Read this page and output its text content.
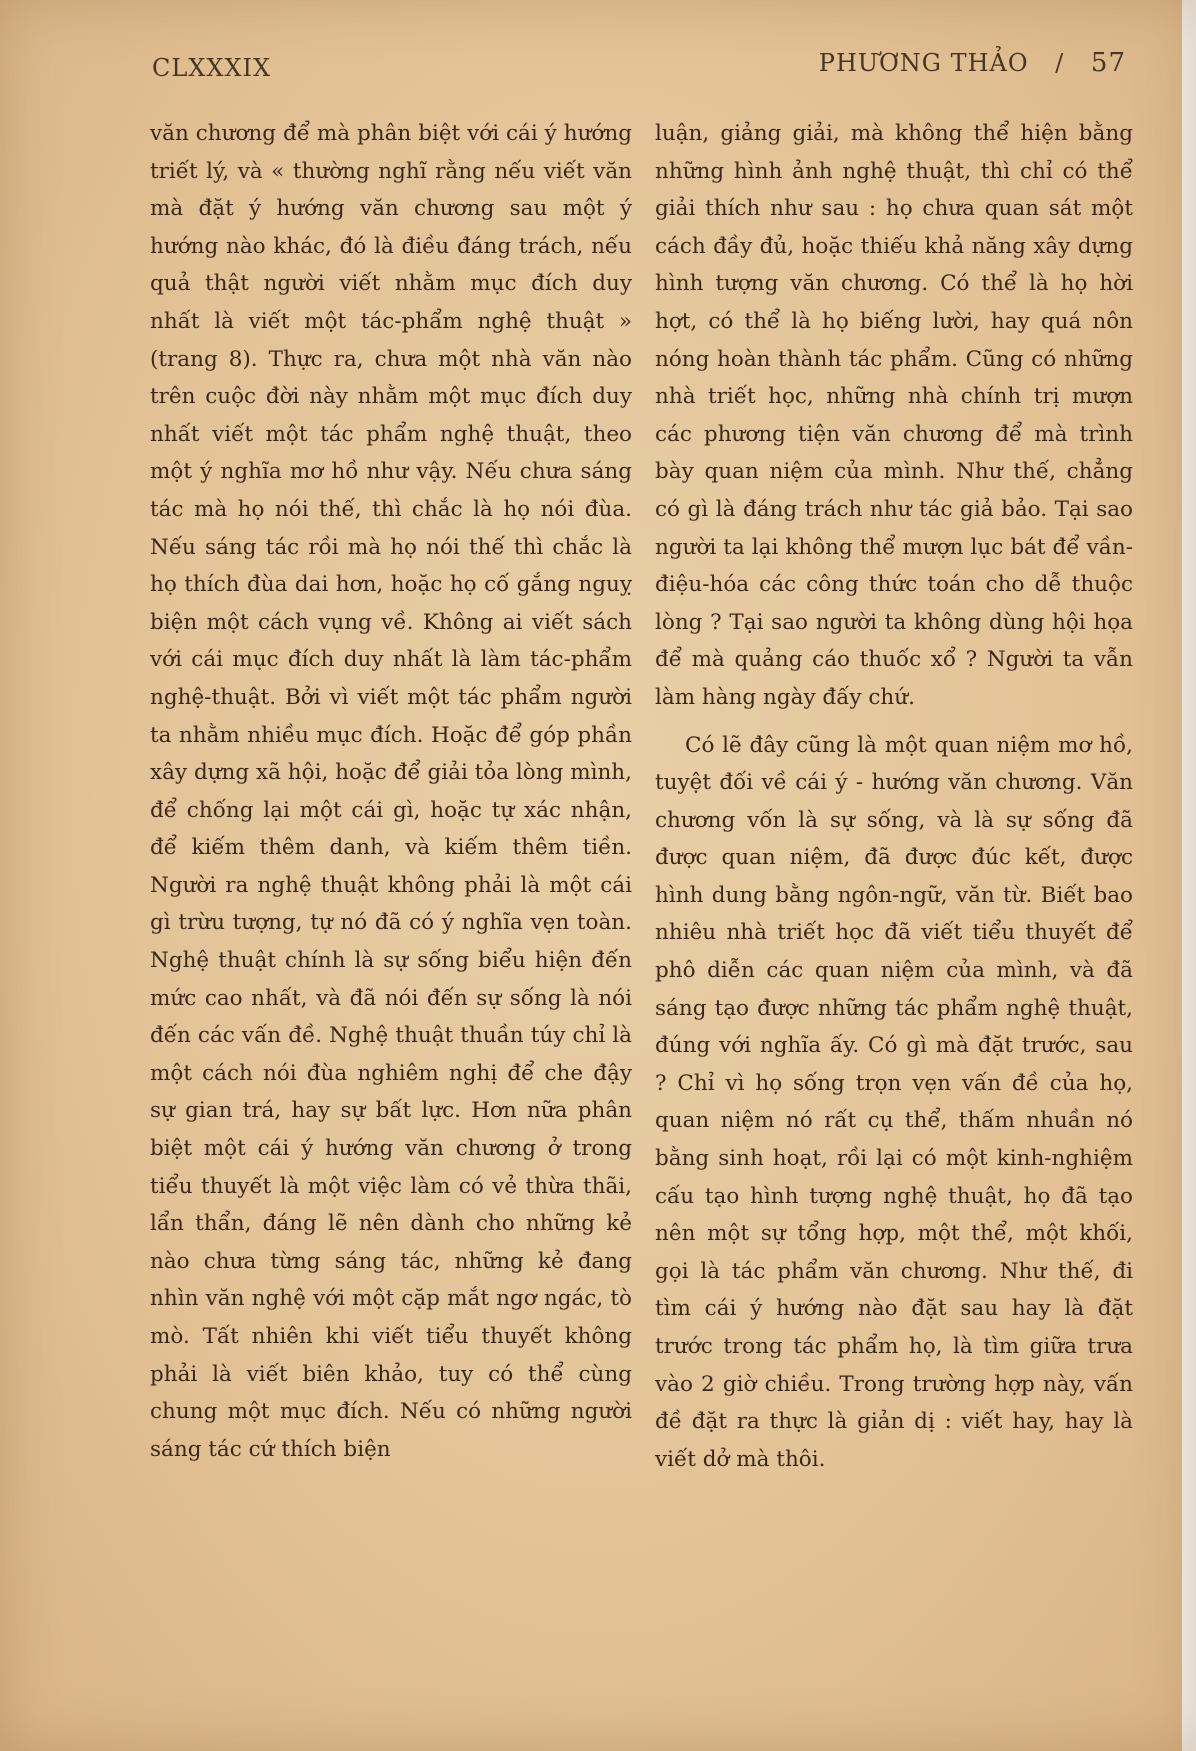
CLXXXIX	PHƯƠNG THẢO / 57

văn chương để mà phân biệt với cái ý hướng triết lý, và « thường nghĩ rằng nếu viết văn mà đặt ý hướng văn chương sau một ý hướng nào khác, đó là điều đáng trách, nếu quả thật người viết nhằm mục đích duy nhất là viết một tác-phẩm nghệ thuật » (trang 8). Thực ra, chưa một nhà văn nào trên cuộc đời này nhằm một mục đích duy nhất viết một tác phẩm nghệ thuật, theo một ý nghĩa mơ hồ như vậy. Nếu chưa sáng tác mà họ nói thế, thì chắc là họ nói đùa. Nếu sáng tác rồi mà họ nói thế thì chắc là họ thích đùa dai hơn, hoặc họ cố gắng nguỵ biện một cách vụng về. Không ai viết sách với cái mục đích duy nhất là làm tác-phẩm nghệ-thuật. Bởi vì viết một tác phẩm người ta nhằm nhiều mục đích. Hoặc để góp phần xây dựng xã hội, hoặc để giải tỏa lòng mình, để chống lại một cái gì, hoặc tự xác nhận, để kiếm thêm danh, và kiếm thêm tiền. Người ra nghệ thuật không phải là một cái gì trừu tượng, tự nó đã có ý nghĩa vẹn toàn. Nghệ thuật chính là sự sống biểu hiện đến mức cao nhất, và đã nói đến sự sống là nói đến các vấn đề. Nghệ thuật thuần túy chỉ là một cách nói đùa nghiêm nghị để che đậy sự gian trá, hay sự bất lực. Hơn nữa phân biệt một cái ý hướng văn chương ở trong tiểu thuyết là một việc làm có vẻ thừa thãi, lẩn thẩn, đáng lẽ nên dành cho những kẻ nào chưa từng sáng tác, những kẻ đang nhìn văn nghệ với một cặp mắt ngơ ngác, tò mò. Tất nhiên khi viết tiểu thuyết không phải là viết biên khảo, tuy có thể cùng chung một mục đích. Nếu có những người sáng tác cứ thích biện

luận, giảng giải, mà không thể hiện bằng những hình ảnh nghệ thuật, thì chỉ có thể giải thích như sau : họ chưa quan sát một cách đầy đủ, hoặc thiếu khả năng xây dựng hình tượng văn chương. Có thể là họ hời hợt, có thể là họ biếng lười, hay quá nôn nóng hoàn thành tác phẩm. Cũng có những nhà triết học, những nhà chính trị mượn các phương tiện văn chương để mà trình bày quan niệm của mình. Như thế, chẳng có gì là đáng trách như tác giả bảo. Tại sao người ta lại không thể mượn lục bát để vần-điệu-hóa các công thức toán cho dễ thuộc lòng ? Tại sao người ta không dùng hội họa để mà quảng cáo thuốc xổ ? Người ta vẫn làm hàng ngày đấy chứ.

Có lẽ đây cũng là một quan niệm mơ hồ, tuyệt đối về cái ý - hướng văn chương. Văn chương vốn là sự sống, và là sự sống đã được quan niệm, đã được đúc kết, được hình dung bằng ngôn-ngữ, văn từ. Biết bao nhiêu nhà triết học đã viết tiểu thuyết để phô diễn các quan niệm của mình, và đã sáng tạo được những tác phẩm nghệ thuật, đúng với nghĩa ấy. Có gì mà đặt trước, sau ? Chỉ vì họ sống trọn vẹn vấn đề của họ, quan niệm nó rất cụ thể, thấm nhuần nó bằng sinh hoạt, rồi lại có một kinh-nghiệm cấu tạo hình tượng nghệ thuật, họ đã tạo nên một sự tổng hợp, một thể, một khối, gọi là tác phẩm văn chương. Như thế, đi tìm cái ý hướng nào đặt sau hay là đặt trước trong tác phẩm họ, là tìm giữa trưa vào 2 giờ chiều. Trong trường hợp này, vấn đề đặt ra thực là giản dị : viết hay, hay là viết dở mà thôi.
